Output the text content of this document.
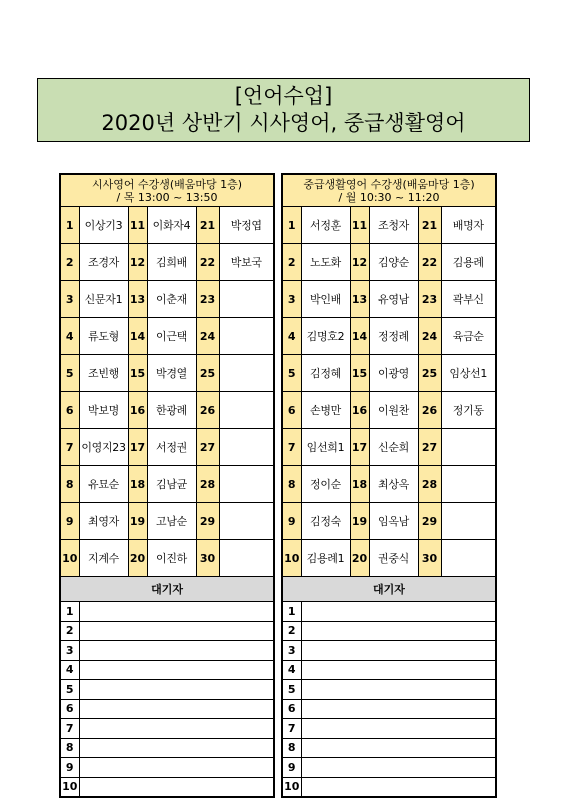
[언어수업]
2020년 상반기 시사영어, 중급생활영어
시사영어 수강생(배움마당 1층)
/ 목 13:00 ~ 13:50					

1	이상기3	11	이화자4	21	박정엽
2	조경자	12	김희배	22	박보국
3	신문자1	13	이춘재	23	
4	류도형	14	이근택	24	
5	조빈행	15	박경열	25	
6	박보명	16	한광례	26	
7	이영지23	17	서정권	27	
8	유묘순	18	김남균	28	
9	최영자	19	고남순	29	
10	지계수	20	이진하	30	
대기자					
1					
2					
3					
4					
5					
6					
7					
8					
9					
10					
중급생활영어 수강생(배움마당 1층)
/ 월 10:30 ~ 11:20					

1	서정훈	11	조청자	21	배명자
2	노도화	12	김양순	22	김용례
3	박인배	13	유영남	23	곽부신
4	김명호2	14	정정례	24	육금순
5	김정혜	15	이광영	25	임상선1
6	손병만	16	이원찬	26	정기동
7	임선희1	17	신순희	27	
8	정이순	18	최상옥	28	
9	김정숙	19	임옥남	29	
10	김용례1	20	권중식	30	
대기자					
1					
2					
3					
4					
5					
6					
7					
8					
9					
10					
